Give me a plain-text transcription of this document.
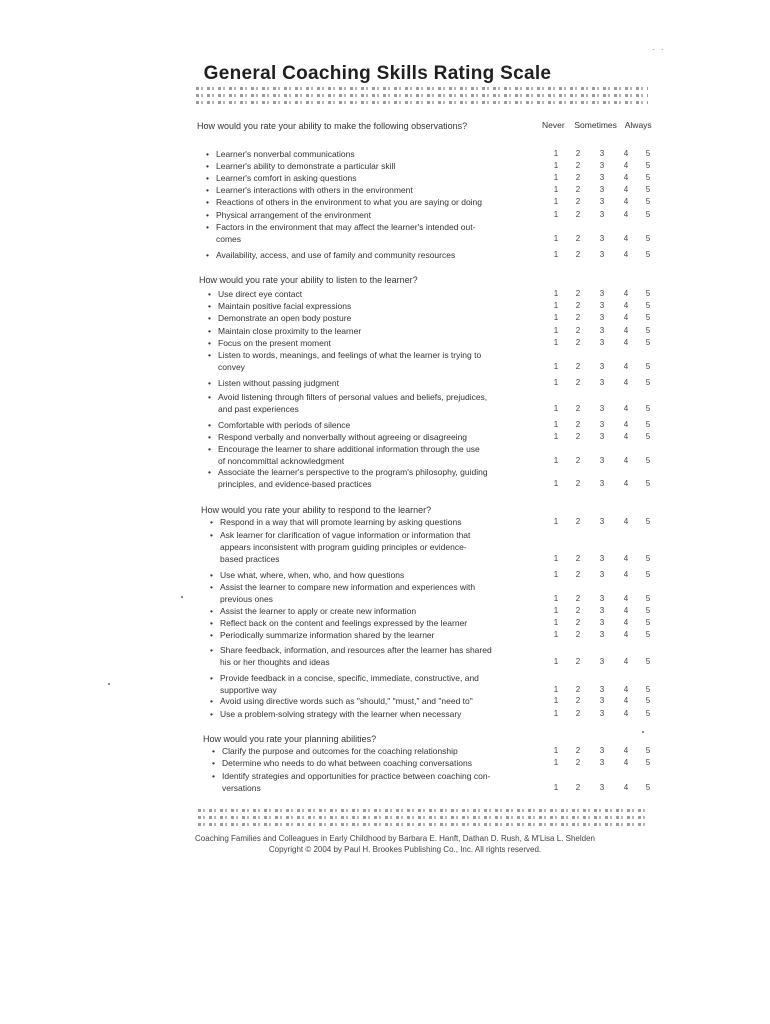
. .
General Coaching Skills Rating Scale
Never Sometimes Always
How would you rate your ability to make the following observations?
• Learner's nonverbal communications	1	2	3	4	5
• Learner's ability to demonstrate a particular skill	1	2	3	4	5
• Learner's comfort in asking questions	1	2	3	4	5
• Learner's interactions with others in the environment	1	2	3	4	5
• Reactions of others in the environment to what you are saying or doing	1	2	3	4	5
• Physical arrangement of the environment	1	2	3	4	5
• Factors in the environment that may affect the learner's intended out-
comes	1	2	3	4	5
• Availability, access, and use of family and community resources	1	2	3	4	5
How would you rate your ability to listen to the learner?
• Use direct eye contact	1	2	3	4	5
• Maintain positive facial expressions	1	2	3	4	5
• Demonstrate an open body posture	1	2	3	4	5
• Maintain close proximity to the learner	1	2	3	4	5
• Focus on the present moment	1	2	3	4	5
• Listen to words, meanings, and feelings of what the learner is trying to
convey	1	2	3	4	5
• Listen without passing judgment	1	2	3	4	5
• Avoid listening through filters of personal values and beliefs, prejudices,
and past experiences	1	2	3	4	5
• Comfortable with periods of silence	1	2	3	4	5
• Respond verbally and nonverbally without agreeing or disagreeing	1	2	3	4	5
• Encourage the learner to share additional information through the use
of noncommittal acknowledgment	1	2	3	4	5
• Associate the learner's perspective to the program's philosophy, guiding
principles, and evidence-based practices	1	2	3	4	5
How would you rate your ability to respond to the learner?
• Respond in a way that will promote learning by asking questions	1	2	3	4	5
• Ask learner for clarification of vague information or information that
appears inconsistent with program guiding principles or evidence-
based practices	1	2	3	4	5
• Use what, where, when, who, and how questions	1	2	3	4	5
• Assist the learner to compare new information and experiences with
previous ones	1	2	3	4	5
• Assist the learner to apply or create new information	1	2	3	4	5
• Reflect back on the content and feelings expressed by the learner	1	2	3	4	5
• Periodically summarize information shared by the learner	1	2	3	4	5
• Share feedback, information, and resources after the learner has shared
his or her thoughts and ideas	1	2	3	4	5
• Provide feedback in a concise, specific, immediate, constructive, and
supportive way	1	2	3	4	5
• Avoid using directive words such as "should," "must," and "need to"	1	2	3	4	5
• Use a problem-solving strategy with the learner when necessary	1	2	3	4	5
How would you rate your planning abilities?
• Clarify the purpose and outcomes for the coaching relationship	1	2	3	4	5
• Determine who needs to do what between coaching conversations	1	2	3	4	5
• Identify strategies and opportunities for practice between coaching con-
versations	1	2	3	4	5
Coaching Families and Colleagues in Early Childhood by Barbara E. Hanft, Dathan D. Rush, & M'Lisa L. Shelden
Copyright © 2004 by Paul H. Brookes Publishing Co., Inc. All rights reserved.
